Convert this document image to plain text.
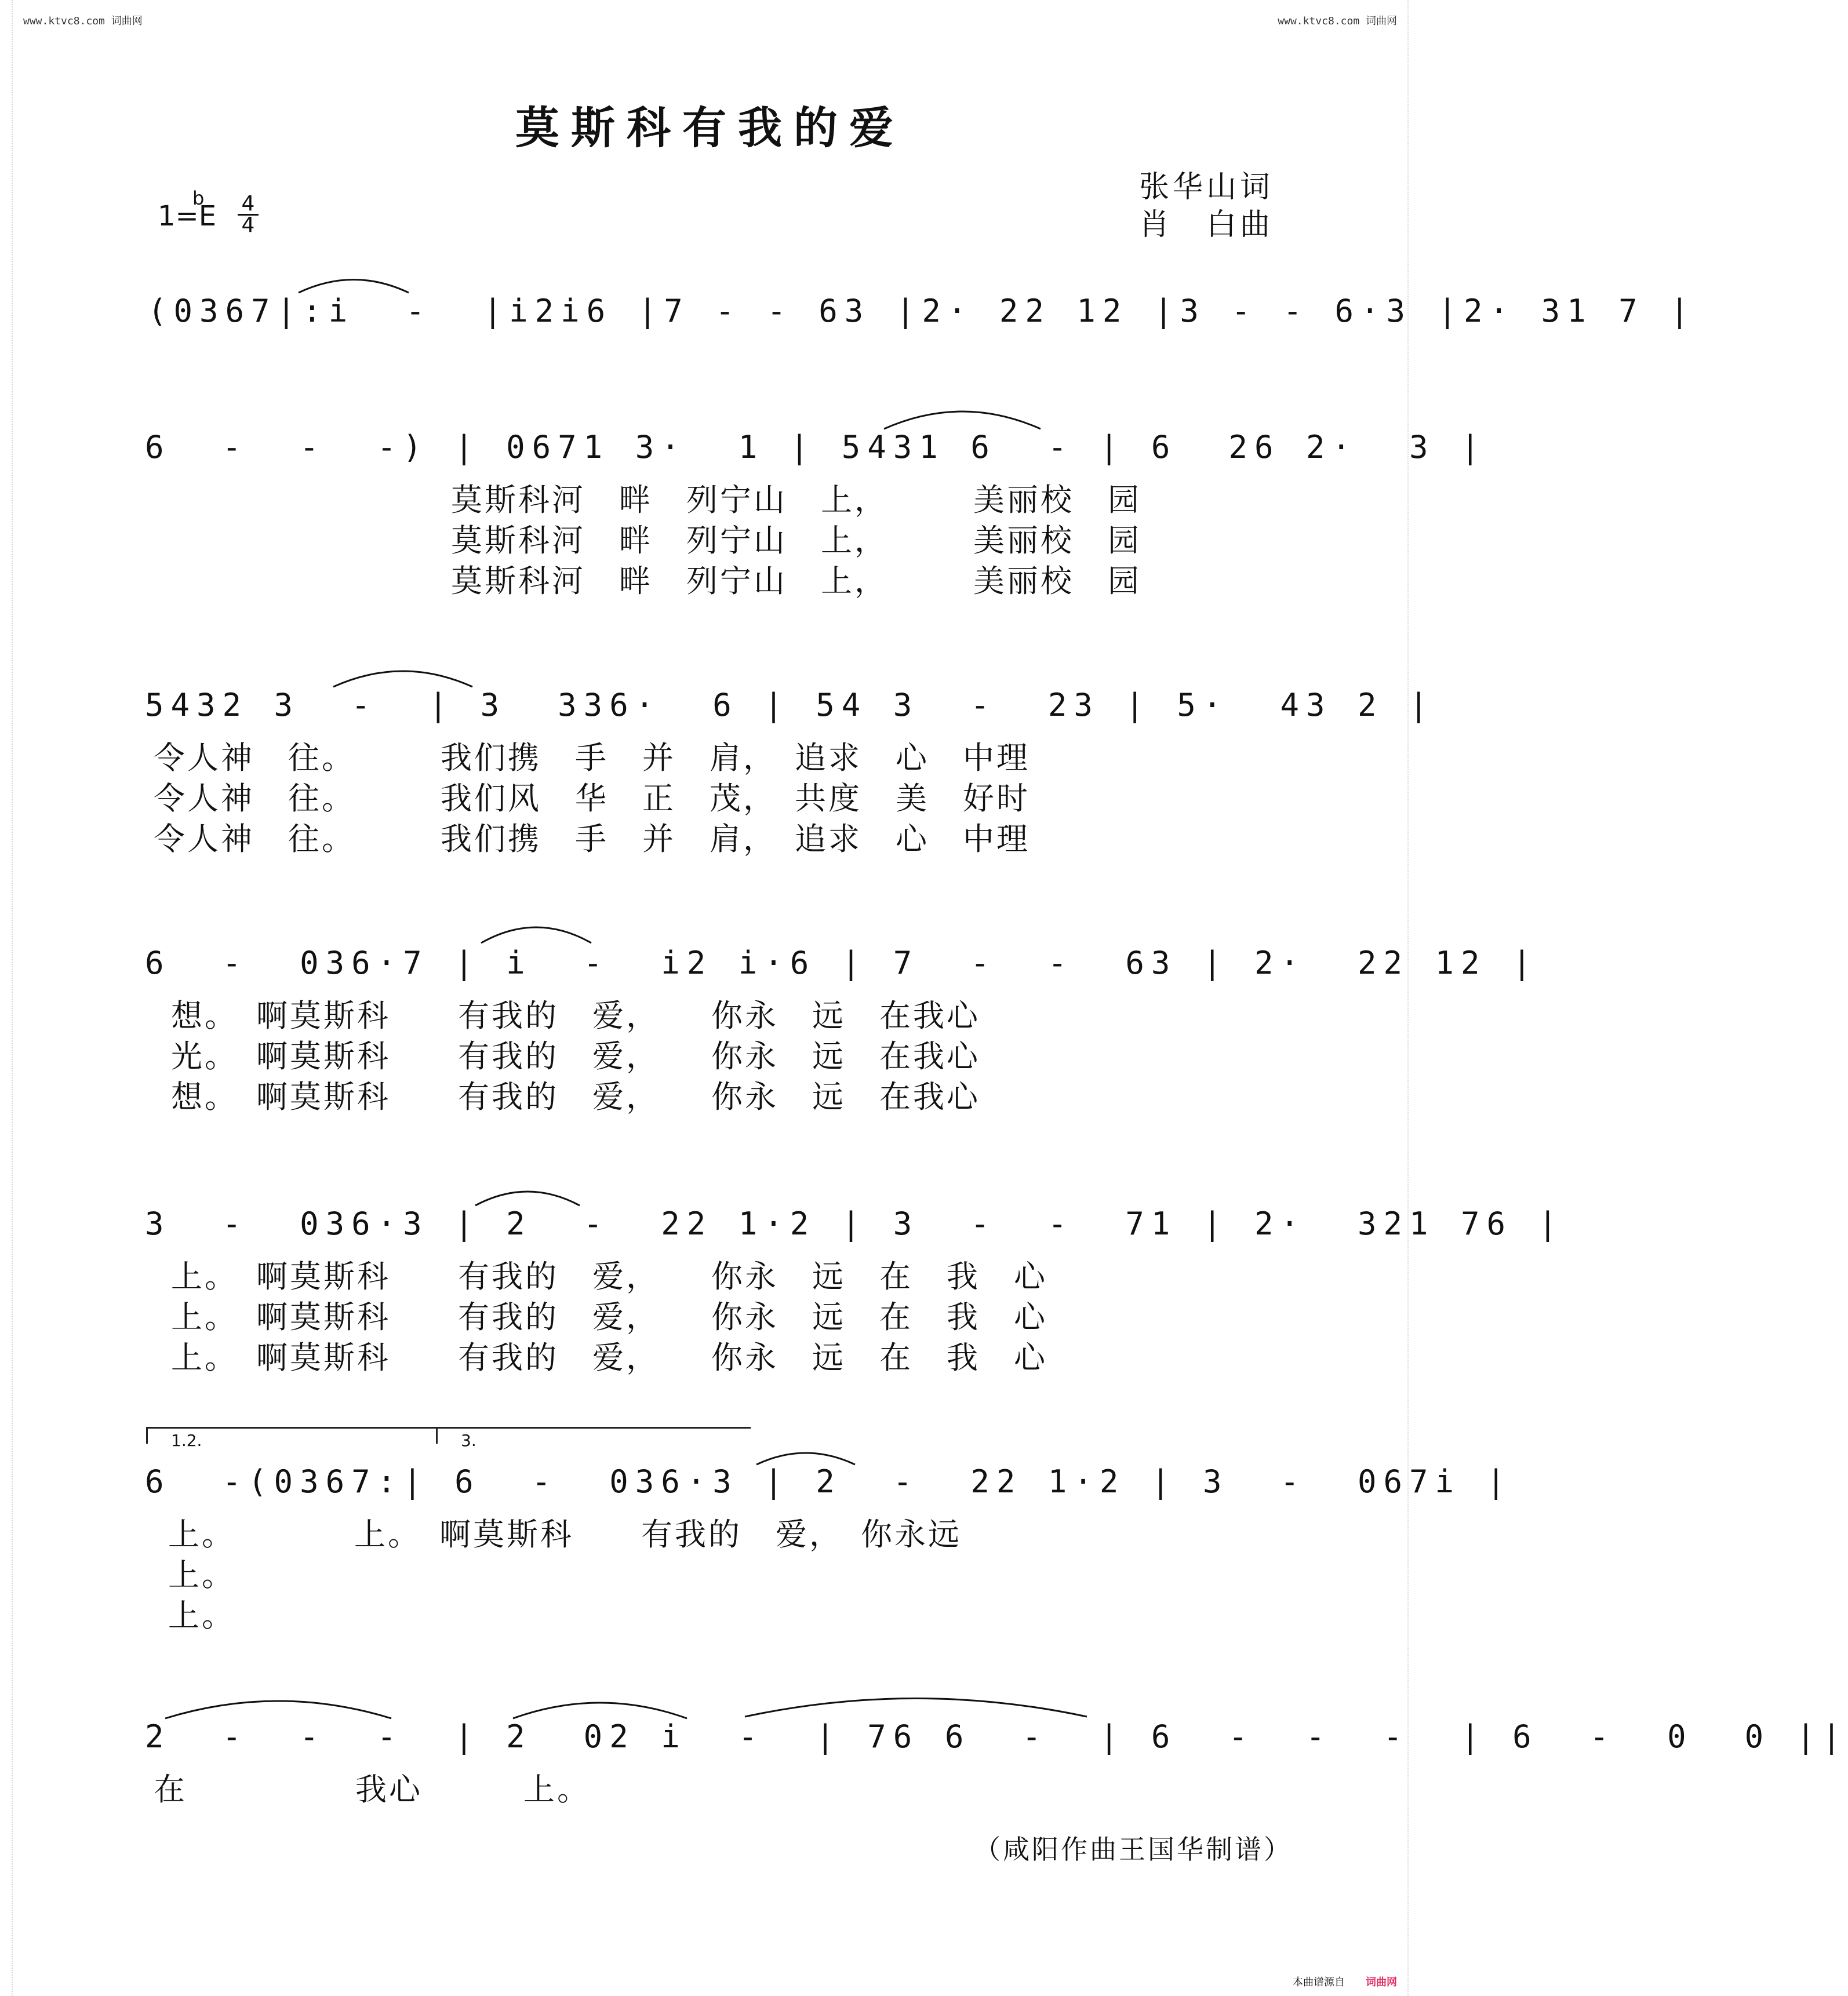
www.ktvc8.com 词曲网	www.ktvc8.com 词曲网
莫斯科有我的爱
张华山词
肖　白曲
1=E
b 4
4
(0367|:i  -  |i2i6 |7 - - 63 |2· 22 12 |3 - - 6·3 |2· 31 7 |
6  -  -  -) | 0671 3·  1 | 5431 6  - | 6  26 2·  3 |
莫斯科河　畔　列宁山　上，　　　美丽校　园
莫斯科河　畔　列宁山　上，　　　美丽校　园
莫斯科河　畔　列宁山　上，　　　美丽校　园
5432 3  -  | 3  336·  6 | 54 3  -  23 | 5·  43 2 |
令人神　往。　　　我们携　手　并　肩，　追求　心　中理
令人神　往。　　　我们风　华　正　茂，　共度　美　好时
令人神　往。　　　我们携　手　并　肩，　追求　心　中理
6  -  036·7 | i  -  i2 i·6 | 7  -  -  63 | 2·  22 12 |
想。　啊莫斯科　　有我的　爱，　　你永　远　在我心
光。　啊莫斯科　　有我的　爱，　　你永　远　在我心
想。　啊莫斯科　　有我的　爱，　　你永　远　在我心
3  -  036·3 | 2  -  22 1·2 | 3  -  -  71 | 2·  321 76 |
上。　啊莫斯科　　有我的　爱，　　你永　远　在　我　心
上。　啊莫斯科　　有我的　爱，　　你永　远　在　我　心
上。　啊莫斯科　　有我的　爱，　　你永　远　在　我　心
1.2.	3.
6  -(0367:| 6  -  036·3 | 2  -  22 1·2 | 3  -  067i |
上。　　　　上。　啊莫斯科　　有我的　爱，　你永远
上。
上。
2  -  -  -  | 2  02 i  -  | 76 6  -  | 6  -  -  -  | 6  -  0  0 ||
在　　　　　我心　　　上。
（咸阳作曲王国华制谱）
本曲谱源自 词曲网
